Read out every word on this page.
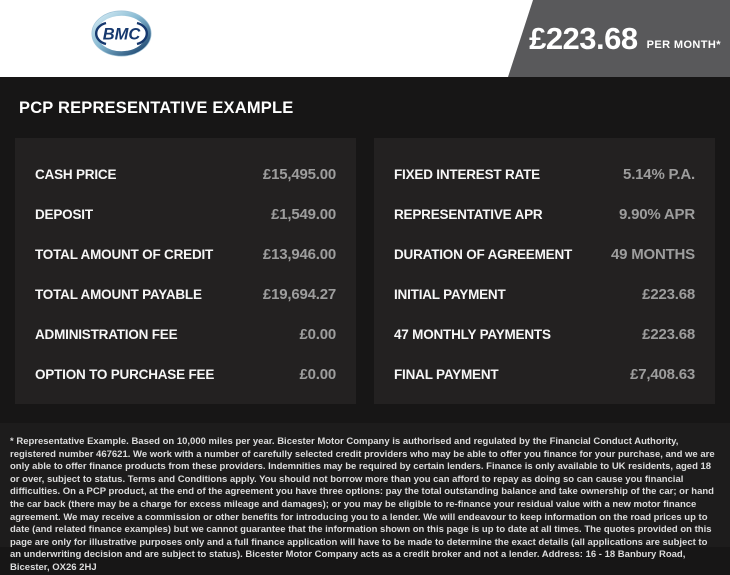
BMC	£223.68 PER MONTH*
PCP REPRESENTATIVE EXAMPLE
CASH PRICE	£15,495.00
DEPOSIT	£1,549.00
TOTAL AMOUNT OF CREDIT	£13,946.00
TOTAL AMOUNT PAYABLE	£19,694.27
ADMINISTRATION FEE	£0.00
OPTION TO PURCHASE FEE	£0.00
FIXED INTEREST RATE	5.14% P.A.
REPRESENTATIVE APR	9.90% APR
DURATION OF AGREEMENT	49 MONTHS
INITIAL PAYMENT	£223.68
47 MONTHLY PAYMENTS	£223.68
FINAL PAYMENT	£7,408.63

* Representative Example. Based on 10,000 miles per year. Bicester Motor Company is authorised and regulated by the Financial Conduct Authority, registered number 467621. We work with a number of carefully selected credit providers who may be able to offer you finance for your purchase, and we are only able to offer finance products from these providers. Indemnities may be required by certain lenders. Finance is only available to UK residents, aged 18 or over, subject to status. Terms and Conditions apply. You should not borrow more than you can afford to repay as doing so can cause you financial difficulties. On a PCP product, at the end of the agreement you have three options: pay the total outstanding balance and take ownership of the car; or hand the car back (there may be a charge for excess mileage and damages); or you may be eligible to re-finance your residual value with a new motor finance agreement. We may receive a commission or other benefits for introducing you to a lender. We will endeavour to keep information on the road prices up to date (and related finance examples) but we cannot guarantee that the information shown on this page is up to date at all times. The quotes provided on this page are only for illustrative purposes only and a full finance application will have to be made to determine the exact details (all applications are subject to an underwriting decision and are subject to status). Bicester Motor Company acts as a credit broker and not a lender. Address: 16 - 18 Banbury Road, Bicester, OX26 2HJ
